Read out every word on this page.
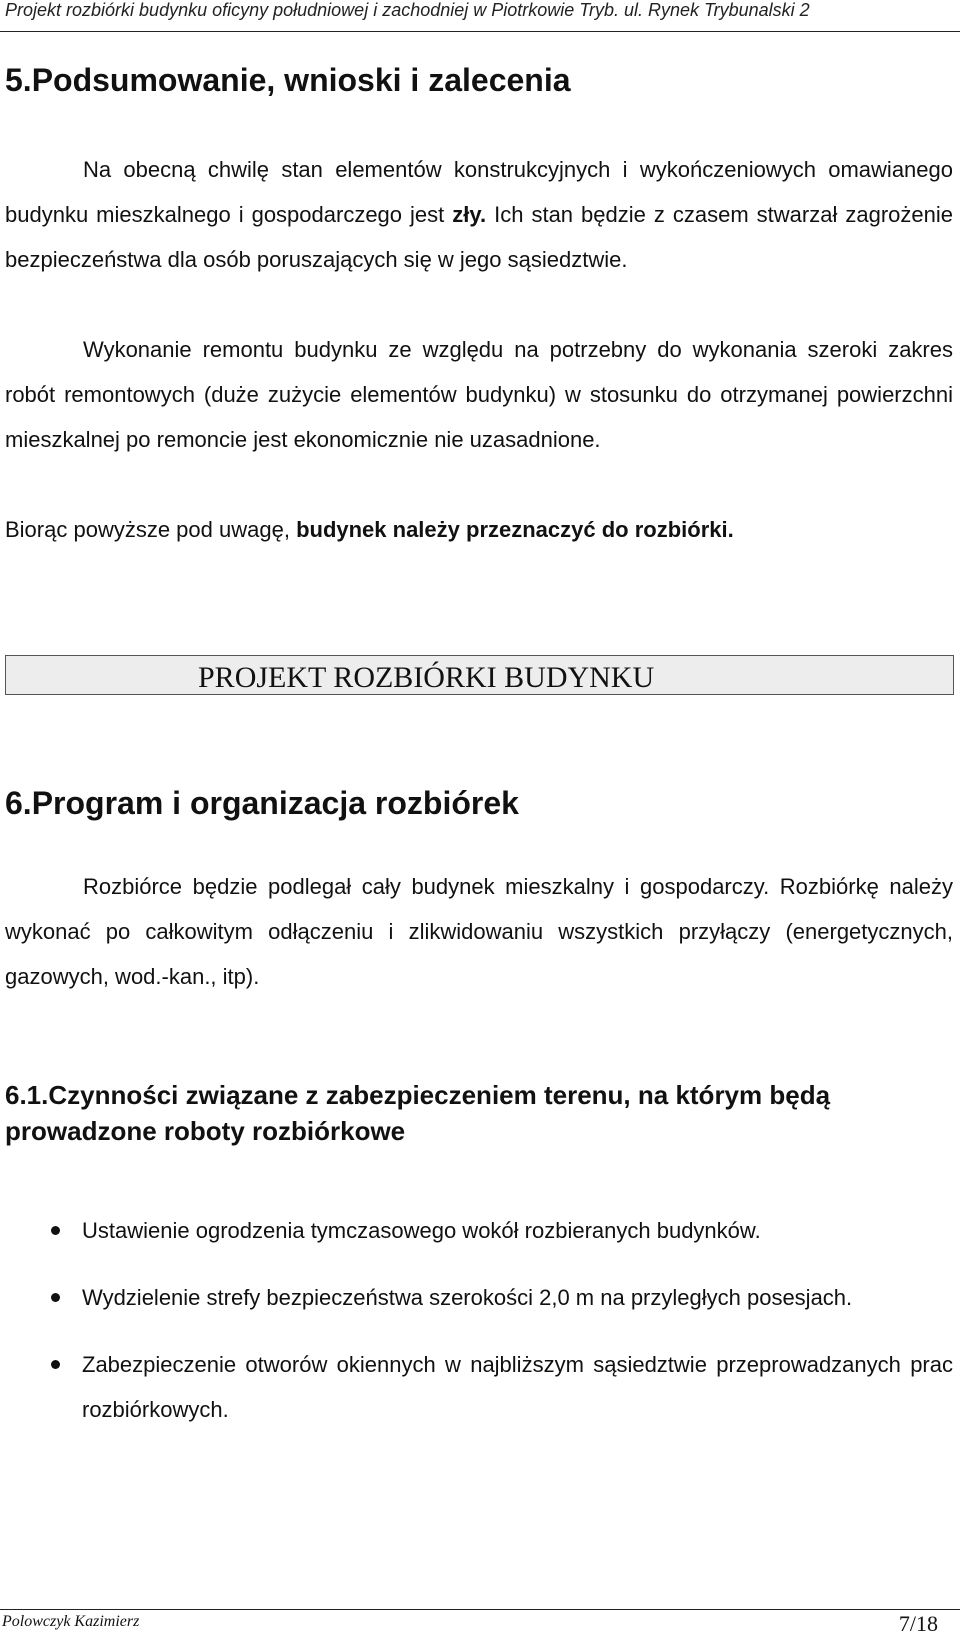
Projekt rozbiórki budynku oficyny południowej i zachodniej w Piotrkowie Tryb. ul. Rynek Trybunalski 2
5.Podsumowanie, wnioski i zalecenia
Na obecną chwilę stan elementów konstrukcyjnych i wykończeniowych omawianego budynku mieszkalnego i gospodarczego jest zły. Ich stan będzie z czasem stwarzał zagrożenie bezpieczeństwa dla osób poruszających się w jego sąsiedztwie.
Wykonanie remontu budynku ze względu na potrzebny do wykonania szeroki zakres robót remontowych (duże zużycie elementów budynku) w stosunku do otrzymanej powierzchni mieszkalnej po remoncie jest ekonomicznie nie uzasadnione.
Biorąc powyższe pod uwagę, budynek należy przeznaczyć do rozbiórki.
PROJEKT ROZBIÓRKI BUDYNKU
6.Program i organizacja rozbiórek
Rozbiórce będzie podlegał cały budynek mieszkalny i gospodarczy. Rozbiórkę należy wykonać po całkowitym odłączeniu i zlikwidowaniu wszystkich przyłączy (energetycznych, gazowych, wod.-kan., itp).
6.1.Czynności związane z zabezpieczeniem terenu, na którym będą prowadzone roboty rozbiórkowe
Ustawienie ogrodzenia tymczasowego wokół rozbieranych budynków.
Wydzielenie strefy bezpieczeństwa szerokości 2,0 m na przyległych posesjach.
Zabezpieczenie otworów okiennych w najbliższym sąsiedztwie przeprowadzanych prac rozbiórkowych.
Polowczyk Kazimierz	7/18
